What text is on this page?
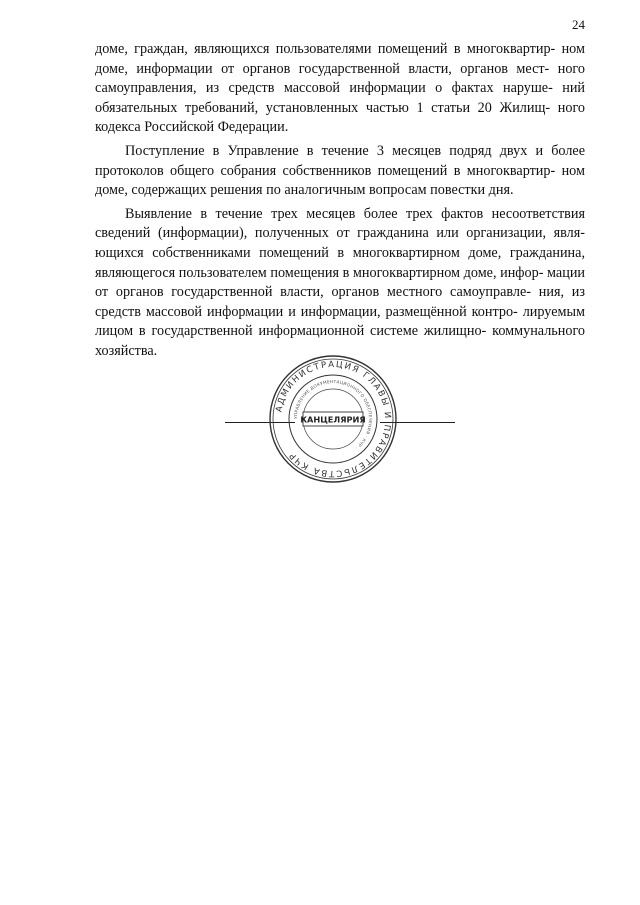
24

доме, граждан, являющихся пользователями помещений в многоквартир- ном доме, информации от органов государственной власти, органов мест- ного самоуправления, из средств массовой информации о фактах наруше- ний обязательных требований, установленных частью 1 статьи 20 Жилищ- ного кодекса Российской Федерации.

Поступление в Управление в течение 3 месяцев подряд двух и более протоколов общего собрания собственников помещений в многоквартир- ном доме, содержащих решения по аналогичным вопросам повестки дня.

Выявление в течение трех месяцев более трех фактов несоответствия сведений (информации), полученных от гражданина или организации, явля- ющихся собственниками помещений в многоквартирном доме, гражданина, являющегося пользователем помещения в многоквартирном доме, инфор- мации от органов государственной власти, органов местного самоуправле- ния, из средств массовой информации и информации, размещённой контро- лируемым лицом в государственной информационной системе жилищно- коммунального хозяйства.

АДМИНИСТРАЦИЯ ГЛАВЫ И ПРАВИТЕЛЬСТВА КЧР
УПРАВЛЕНИЕ ДОКУМЕНТАЦИОННОГО ОБЕСПЕЧЕНИЯ · КЧР ·
КАНЦЕЛЯРИЯ
